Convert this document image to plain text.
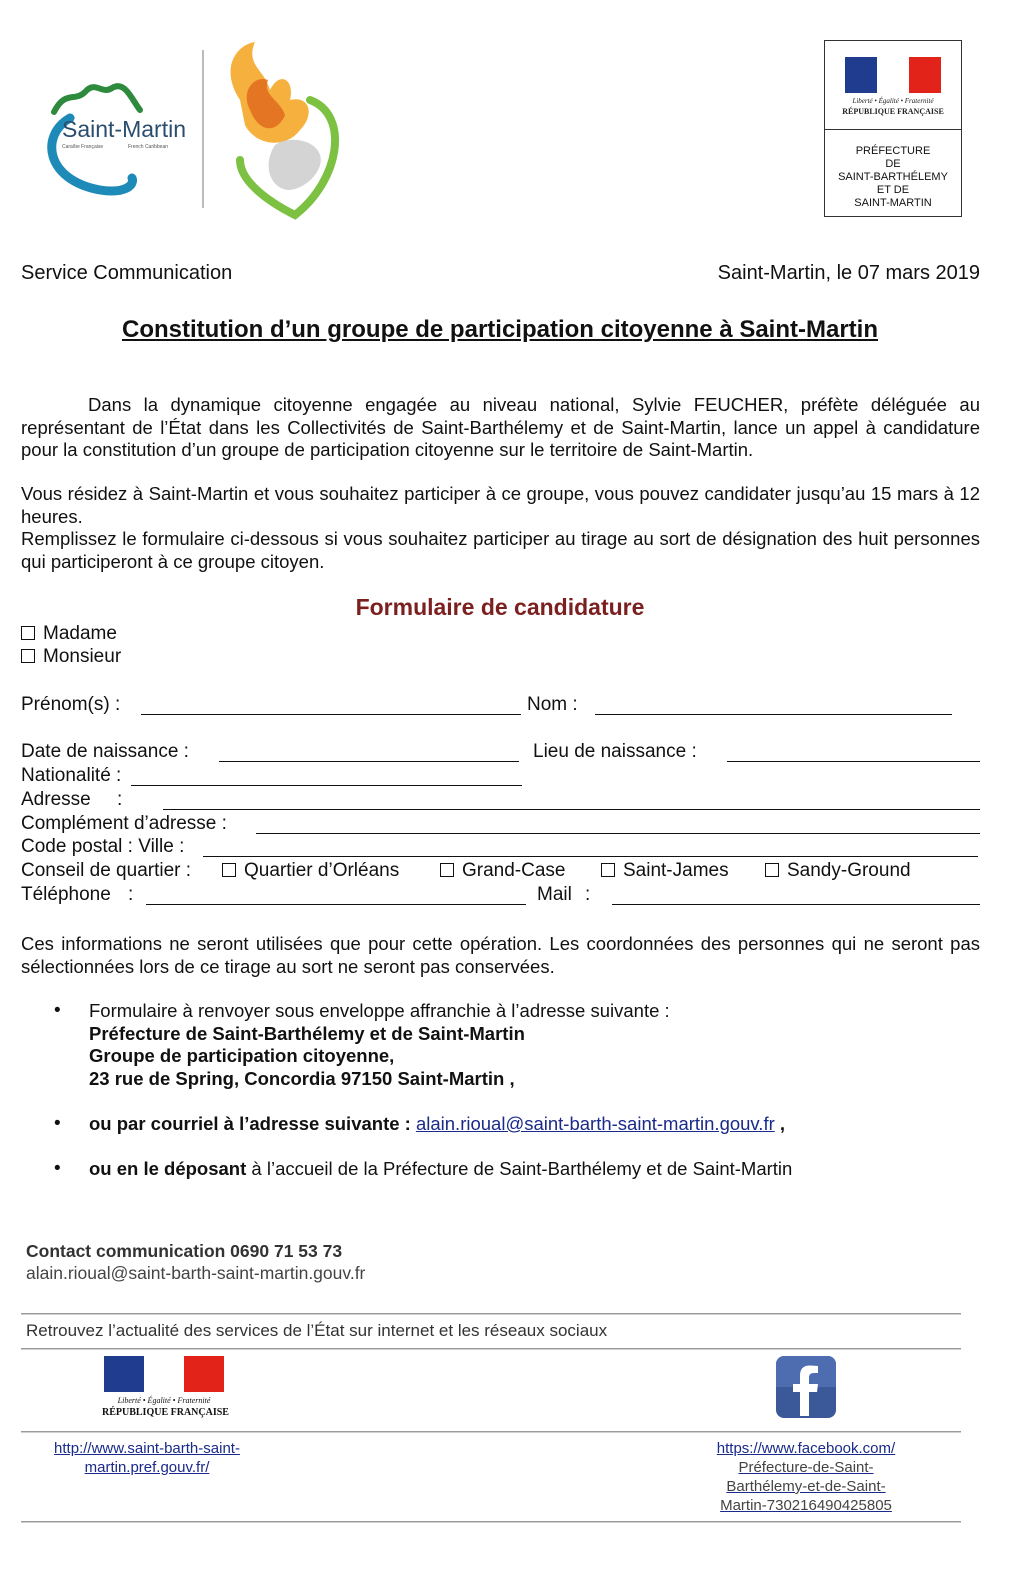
Saint-Martin
Caraïbe Française	French Caribbean
Liberté • Égalité • Fraternité
RÉPUBLIQUE FRANÇAISE
PRÉFECTURE
DE
SAINT-BARTHÉLEMY
ET DE
SAINT-MARTIN
Service Communication	Saint-Martin, le 07 mars 2019
Constitution d’un groupe de participation citoyenne à Saint-Martin
Dans la dynamique citoyenne engagée au niveau national, Sylvie FEUCHER, préfète déléguée au représentant de l’État dans les Collectivités de Saint-Barthélemy et de Saint-Martin, lance un appel à candidature pour la constitution d’un groupe de participation citoyenne sur le territoire de Saint-Martin.
Vous résidez à Saint-Martin et vous souhaitez participer à ce groupe, vous pouvez candidater jusqu’au 15 mars à 12 heures.
Remplissez le formulaire ci-dessous si vous souhaitez participer au tirage au sort de désignation des huit personnes qui participeront à ce groupe citoyen.
Formulaire de candidature
Madame
Monsieur
Prénom(s) :	Nom :
Date de naissance :	Lieu de naissance :
Nationalité :
Adresse :
Complément d’adresse :
Code postal : Ville :
Conseil de quartier :	Quartier d’Orléans	Grand-Case	Saint-James	Sandy-Ground
Téléphone :	Mail :
Ces informations ne seront utilisées que pour cette opération. Les coordonnées des personnes qui ne seront pas sélectionnées lors de ce tirage au sort ne seront pas conservées.
• Formulaire à renvoyer sous enveloppe affranchie à l’adresse suivante :
Préfecture de Saint-Barthélemy et de Saint-Martin
Groupe de participation citoyenne,
23 rue de Spring, Concordia 97150 Saint-Martin ,
• ou par courriel à l’adresse suivante : alain.rioual@saint-barth-saint-martin.gouv.fr ,
• ou en le déposant à l’accueil de la Préfecture de Saint-Barthélemy et de Saint-Martin
Contact communication 0690 71 53 73
alain.rioual@saint-barth-saint-martin.gouv.fr
Retrouvez l’actualité des services de l’État sur internet et les réseaux sociaux
Liberté • Égalité • Fraternité
RÉPUBLIQUE FRANÇAISE
http://www.saint-barth-saint-
martin.pref.gouv.fr/
https://www.facebook.com/
Préfecture-de-Saint-
Barthélemy-et-de-Saint-
Martin-730216490425805
